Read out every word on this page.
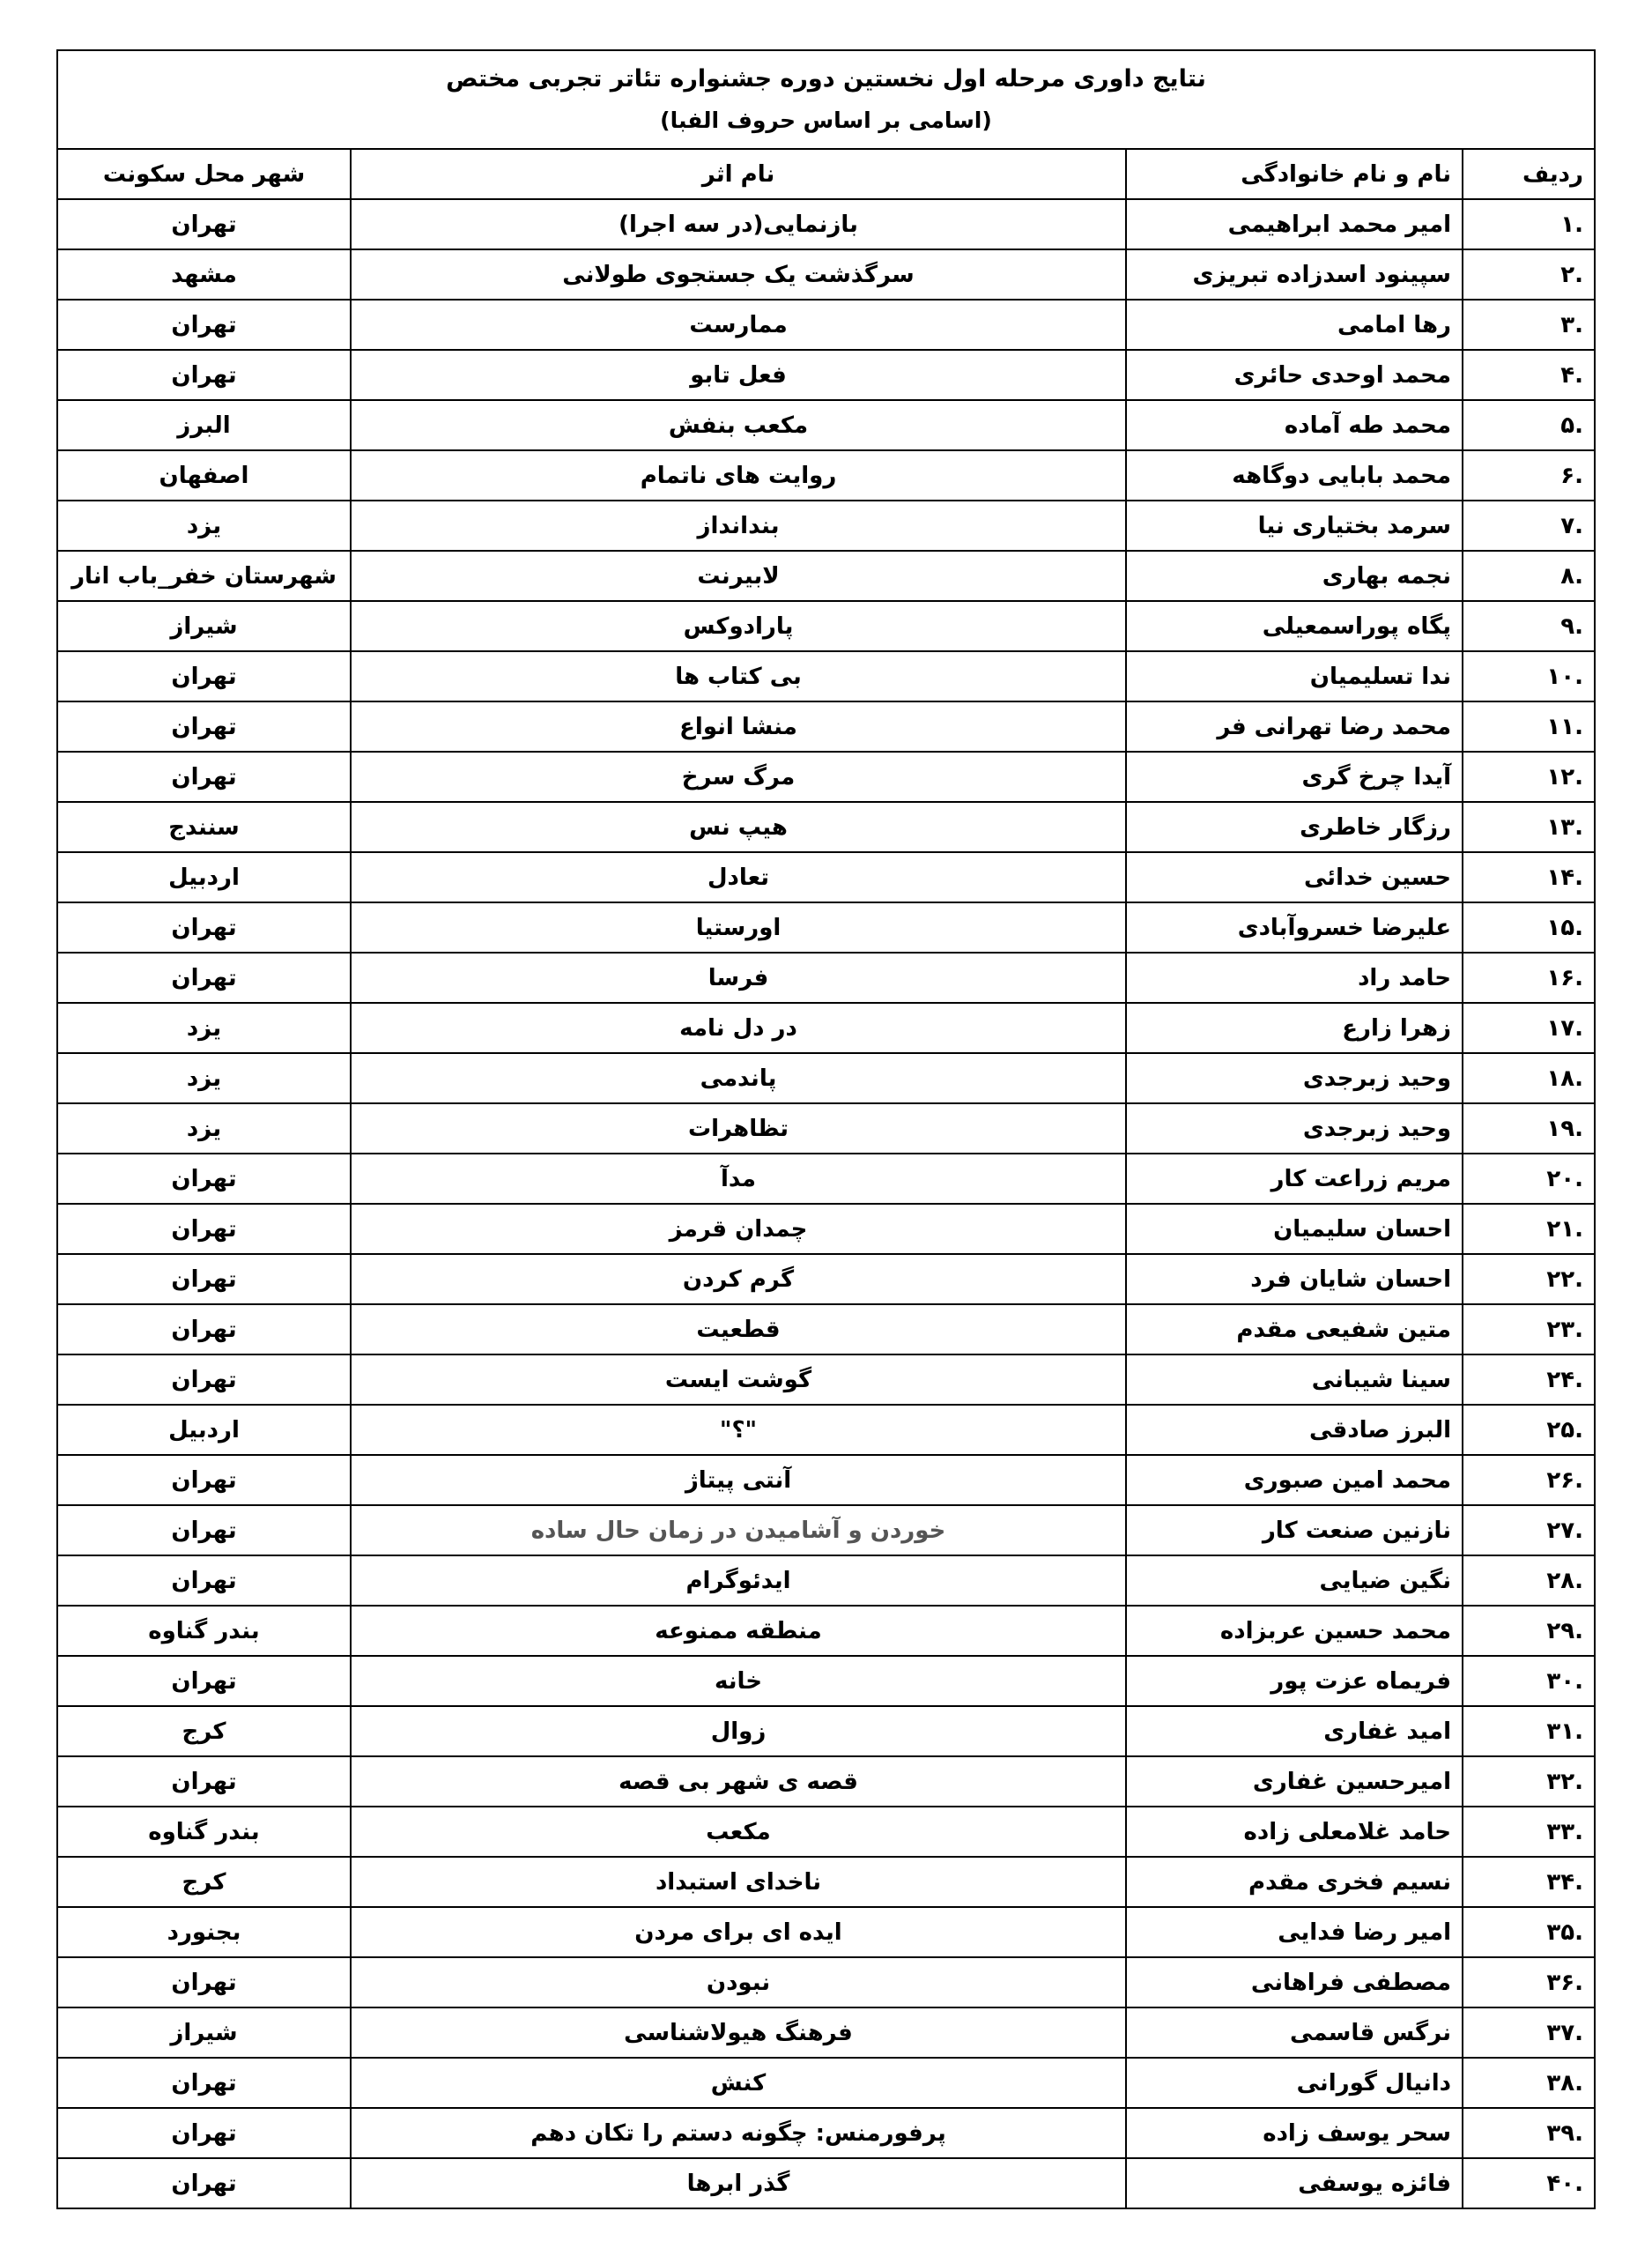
نتایج داوری مرحله اول نخستین دوره جشنواره تئاتر تجربی مختص
(اسامی بر اساس حروف الفبا)			

ردیف	نام و نام خانوادگی	نام اثر	شهر محل سکونت
.۱	امیر محمد ابراهیمی	بازنمایی(در سه اجرا)	تهران
.۲	سپینود اسدزاده تبریزی	سرگذشت یک جستجوی طولانی	مشهد
.۳	رها امامی	ممارست	تهران
.۴	محمد اوحدی حائری	فعل تابو	تهران
.۵	محمد طه آماده	مکعب بنفش	البرز
.۶	محمد بابایی دوگاهه	روایت های ناتمام	اصفهان
.۷	سرمد بختیاری نیا	بندانداز	یزد
.۸	نجمه بهاری	لابیرنت	شهرستان خفر_باب انار
.۹	پگاه پوراسمعیلی	پارادوکس	شیراز
.۱۰	ندا تسلیمیان	بی کتاب ها	تهران
.۱۱	محمد رضا تهرانی فر	منشا انواع	تهران
.۱۲	آیدا چرخ گری	مرگ سرخ	تهران
.۱۳	رزگار خاطری	هیپ نس	سنندج
.۱۴	حسین خدائی	تعادل	اردبیل
.۱۵	علیرضا خسروآبادی	اورستیا	تهران
.۱۶	حامد راد	فرسا	تهران
.۱۷	زهرا زارع	در دل نامه	یزد
.۱۸	وحید زبرجدی	پاندمی	یزد
.۱۹	وحید زبرجدی	تظاهرات	یزد
.۲۰	مریم زراعت کار	مدآ	تهران
.۲۱	احسان سلیمیان	چمدان قرمز	تهران
.۲۲	احسان شایان فرد	گرم کردن	تهران
.۲۳	متین شفیعی مقدم	قطعیت	تهران
.۲۴	سینا شیبانی	گوشت ایست	تهران
.۲۵	البرز صادقی	"؟"	اردبیل
.۲۶	محمد امین صبوری	آنتی پیتاژ	تهران
.۲۷	نازنین صنعت کار	خوردن و آشامیدن در زمان حال ساده	تهران
.۲۸	نگین ضیایی	ایدئوگرام	تهران
.۲۹	محمد حسین عربزاده	منطقه ممنوعه	بندر گناوه
.۳۰	فریماه عزت پور	خانه	تهران
.۳۱	امید غفاری	زوال	کرج
.۳۲	امیرحسین غفاری	قصه ی شهر بی قصه	تهران
.۳۳	حامد غلامعلی زاده	مکعب	بندر گناوه
.۳۴	نسیم فخری مقدم	ناخدای استبداد	کرج
.۳۵	امیر رضا فدایی	ایده ای برای مردن	بجنورد
.۳۶	مصطفی فراهانی	نبودن	تهران
.۳۷	نرگس قاسمی	فرهنگ هیولاشناسی	شیراز
.۳۸	دانیال گورانی	کنش	تهران
.۳۹	سحر یوسف زاده	پرفورمنس: چگونه دستم را تکان دهم	تهران
.۴۰	فائزه یوسفی	گذر ابرها	تهران
